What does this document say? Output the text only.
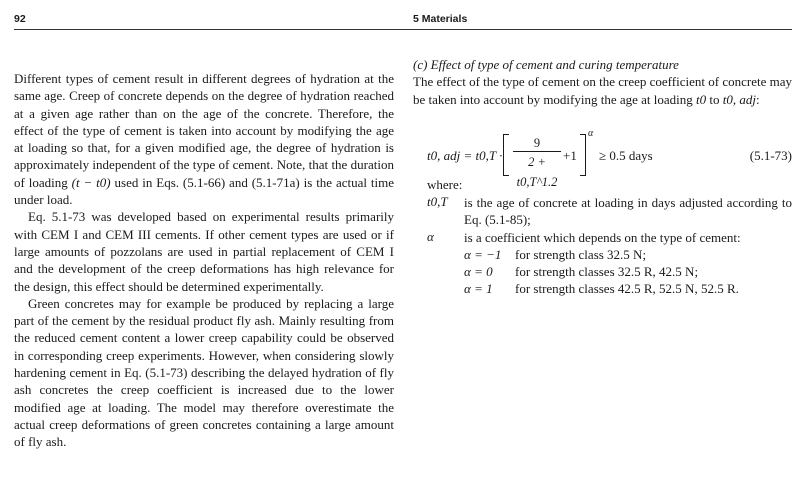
92	5 Materials

Different types of cement result in different degrees of hydration at the same age. Creep of concrete depends on the degree of hydration reached at a given age rather than on the age of the concrete. Therefore, the effect of the type of cement is taken into account by modifying the age at loading so that, for a given modified age, the degree of hydration is approximately independent of the type of cement. Note, that the duration of loading (t − t0) used in Eqs. (5.1-66) and (5.1-71a) is the actual time under load.

Eq. 5.1-73 was developed based on experimental results primarily with CEM I and CEM III cements. If other cement types are used or if large amounts of pozzolans are used in partial replacement of CEM I and the development of the creep deformations has high relevance for the design, this effect should be determined experimentally.

Green concretes may for example be produced by replacing a large part of the cement by the residual product fly ash. Mainly resulting from the reduced cement content a lower creep capability could be observed in corresponding creep experiments. However, when considering slowly hardening cement in Eq. (5.1-73) describing the delayed hydration of fly ash concretes the creep coefficient is increased due to the lower modified age at loading. The model may therefore overestimate the actual creep deformations of green concretes containing a large amount of fly ash.

(c) Effect of type of cement and curing temperature

The effect of the type of cement on the creep coefficient of concrete may be taken into account by modifying the age at loading t0 to t0, adj:

t0, adj = $t0,T \cdot \frac{9}{2 + t0,T\^{}1.2} +1$
α
≥ 0.5 days	(5.1-73)
where:
t0,T is the age of concrete at loading in days adjusted according to Eq. (5.1-85);
α is a coefficient which depends on the type of cement:
α = −1 for strength class 32.5 N;
α = 0 for strength classes 32.5 R, 42.5 N;
α = 1 for strength classes 42.5 R, 52.5 N, 52.5 R.
